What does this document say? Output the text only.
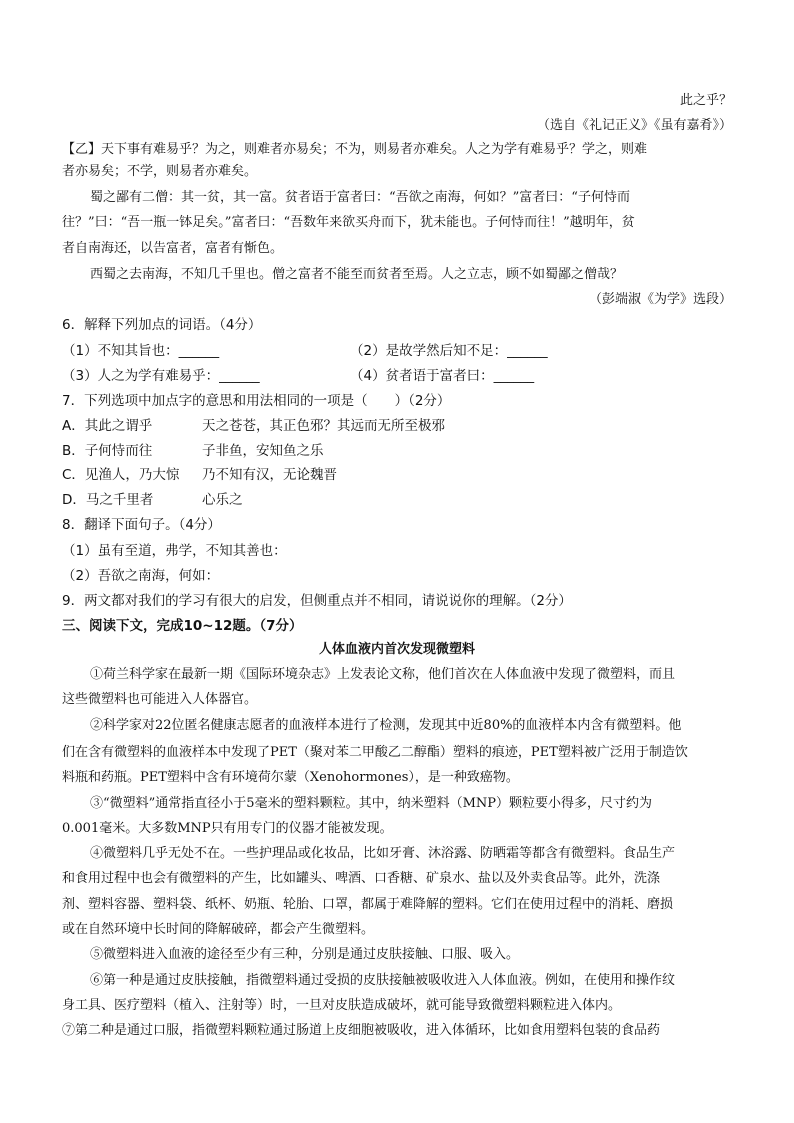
此之乎？
（选自《礼记正义》《虽有嘉肴》）
【乙】天下事有难易乎？为之，则难者亦易矣；不为，则易者亦难矣。人之为学有难易乎？学之，则难
者亦易矣；不学，则易者亦难矣。
蜀之鄙有二僧：其一贫，其一富。贫者语于富者曰：“吾欲之南海，何如？”富者曰：“子何恃而
往？”曰：“吾一瓶一钵足矣。”富者曰：“吾数年来欲买舟而下，犹未能也。子何恃而往！”越明年，贫
者自南海还，以告富者，富者有惭色。
西蜀之去南海，不知几千里也。僧之富者不能至而贫者至焉。人之立志，顾不如蜀鄙之僧哉？
（彭端淑《为学》选段）
6．解释下列加点的词语。（4分）
（1）不知其旨也：______	（2）是故学然后知不足：______
（3）人之为学有难易乎：______	（4）贫者语于富者曰：______
7．下列选项中加点字的意思和用法相同的一项是（　　）（2分）
A．其此之谓乎	天之苍苍，其正色邪？其远而无所至极邪
B．子何恃而往	子非鱼，安知鱼之乐
C．见渔人，乃大惊 乃不知有汉，无论魏晋
D．马之千里者	心乐之
8．翻译下面句子。（4分）
（1）虽有至道，弗学，不知其善也：
（2）吾欲之南海，何如：
9．两文都对我们的学习有很大的启发，但侧重点并不相同，请说说你的理解。（2分）
三、阅读下文，完成10~12题。（7分）
人体血液内首次发现微塑料
①荷兰科学家在最新一期《国际环境杂志》上发表论文称，他们首次在人体血液中发现了微塑料，而且
这些微塑料也可能进入人体器官。
②科学家对22位匿名健康志愿者的血液样本进行了检测，发现其中近80%的血液样本内含有微塑料。他
们在含有微塑料的血液样本中发现了PET（聚对苯二甲酸乙二醇酯）塑料的痕迹，PET塑料被广泛用于制造饮
料瓶和药瓶。PET塑料中含有环境荷尔蒙（Xenohormones），是一种致癌物。
③“微塑料”通常指直径小于5毫米的塑料颗粒。其中，纳米塑料（MNP）颗粒要小得多，尺寸约为
0.001毫米。大多数MNP只有用专门的仪器才能被发现。
④微塑料几乎无处不在。一些护理品或化妆品，比如牙膏、沐浴露、防晒霜等都含有微塑料。食品生产
和食用过程中也会有微塑料的产生，比如罐头、啤酒、口香糖、矿泉水、盐以及外卖食品等。此外，洗涤
剂、塑料容器、塑料袋、纸杯、奶瓶、轮胎、口罩，都属于难降解的塑料。它们在使用过程中的消耗、磨损
或在自然环境中长时间的降解破碎，都会产生微塑料。
⑤微塑料进入血液的途径至少有三种，分别是通过皮肤接触、口服、吸入。
⑥第一种是通过皮肤接触，指微塑料通过受损的皮肤接触被吸收进入人体血液。例如，在使用和操作纹
身工具、医疗塑料（植入、注射等）时，一旦对皮肤造成破坏，就可能导致微塑料颗粒进入体内。
⑦第二种是通过口服，指微塑料颗粒通过肠道上皮细胞被吸收，进入体循环，比如食用塑料包装的食品药
